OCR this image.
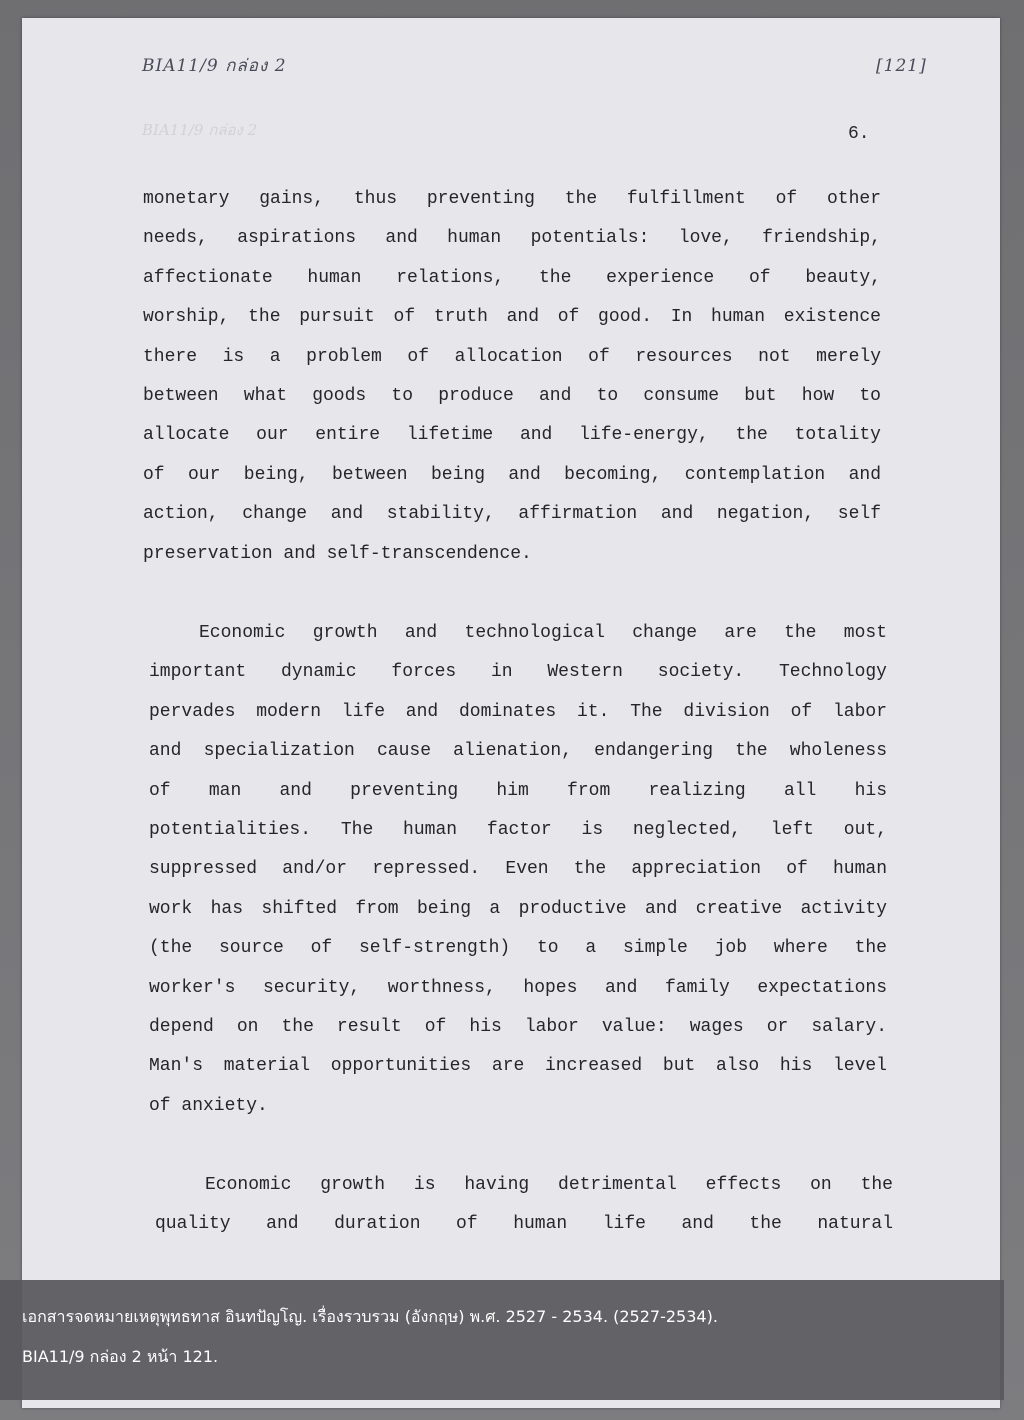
BIA11/9 กล่อง 2	[121]
BIA11/9 กล่อง 2	6.
monetary gains, thus preventing the fulfillment of other
needs, aspirations and human potentials: love, friendship,
affectionate human relations, the experience of beauty,
worship, the pursuit of truth and of good. In human existence
there is a problem of allocation of resources not merely
between what goods to produce and to consume but how to
allocate our entire lifetime and life-energy, the totality
of our being, between being and becoming, contemplation and
action, change and stability, affirmation and negation, self
preservation and self-transcendence.
Economic growth and technological change are the most
important dynamic forces in Western society. Technology
pervades modern life and dominates it. The division of labor
and specialization cause alienation, endangering the wholeness
of man and preventing him from realizing all his
potentialities. The human factor is neglected, left out,
suppressed and/or repressed. Even the appreciation of human
work has shifted from being a productive and creative activity
(the source of self-strength) to a simple job where the
worker's security, worthness, hopes and family expectations
depend on the result of his labor value: wages or salary.
Man's material opportunities are increased but also his level
of anxiety.
Economic growth is having detrimental effects on the
quality and duration of human life and the natural
เอกสารจดหมายเหตุพุทธทาส อินทปัญโญ. เรื่องรวบรวม (อังกฤษ) พ.ศ. 2527 - 2534. (2527-2534).
BIA11/9 กล่อง 2 หน้า 121.
